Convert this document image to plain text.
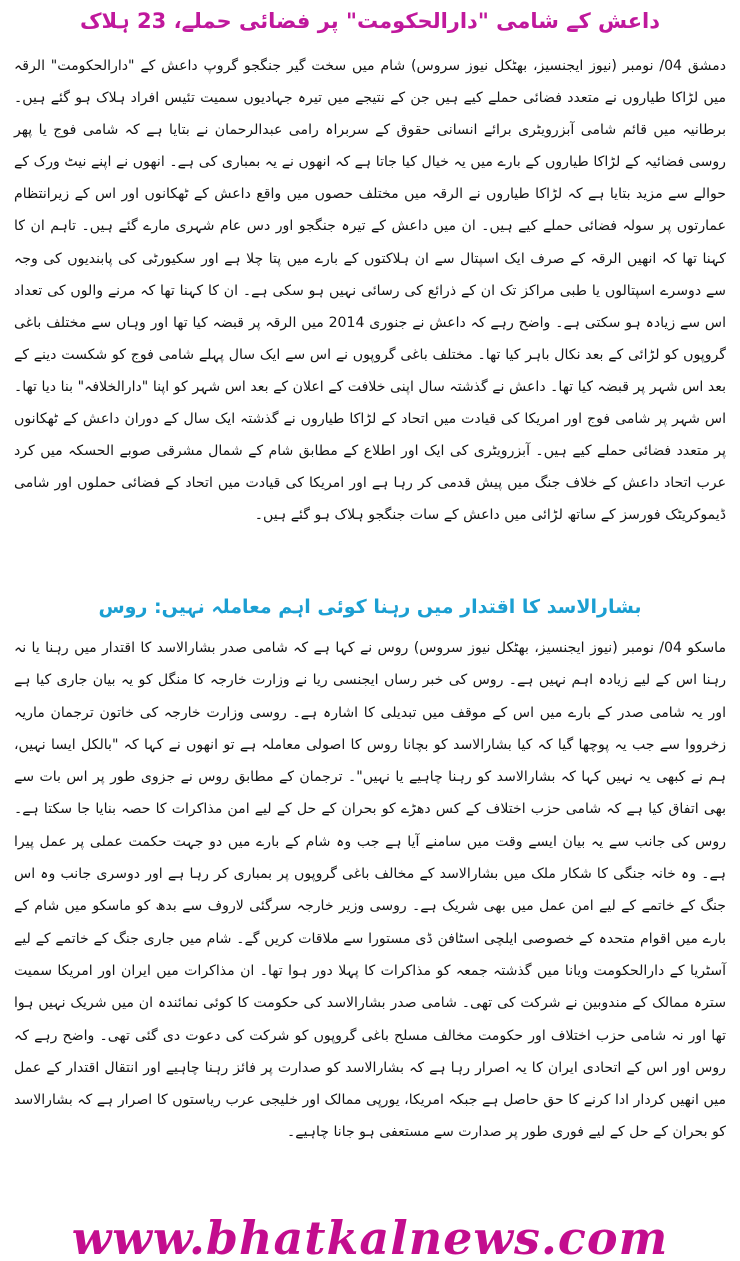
داعش کے شامی "دارالحکومت" پر فضائی حملے، 23 ہلاک

دمشق 04/ نومبر (نیوز ایجنسیز، بھٹکل نیوز سروس) شام میں سخت گیر جنگجو گروپ داعش کے "دارالحکومت" الرقہ میں لڑاکا طیاروں نے متعدد فضائی حملے کیے ہیں جن کے نتیجے میں تیرہ جہادیوں سمیت تئیس افراد ہلاک ہو گئے ہیں۔ برطانیہ میں قائم شامی آبزرویٹری برائے انسانی حقوق کے سربراہ رامی عبدالرحمان نے بتایا ہے کہ شامی فوج یا پھر روسی فضائیہ کے لڑاکا طیاروں کے بارے میں یہ خیال کیا جاتا ہے کہ انھوں نے یہ بمباری کی ہے۔ انھوں نے اپنے نیٹ ورک کے حوالے سے مزید بتایا ہے کہ لڑاکا طیاروں نے الرقہ میں مختلف حصوں میں واقع داعش کے ٹھکانوں اور اس کے زیرانتظام عمارتوں پر سولہ فضائی حملے کیے ہیں۔ ان میں داعش کے تیرہ جنگجو اور دس عام شہری مارے گئے ہیں۔ تاہم ان کا کہنا تھا کہ انھیں الرقہ کے صرف ایک اسپتال سے ان ہلاکتوں کے بارے میں پتا چلا ہے اور سکیورٹی کی پابندیوں کی وجہ سے دوسرے اسپتالوں یا طبی مراکز تک ان کے ذرائع کی رسائی نہیں ہو سکی ہے۔ ان کا کہنا تھا کہ مرنے والوں کی تعداد اس سے زیادہ ہو سکتی ہے۔ واضح رہے کہ داعش نے جنوری 2014 میں الرقہ پر قبضہ کیا تھا اور وہاں سے مختلف باغی گروپوں کو لڑائی کے بعد نکال باہر کیا تھا۔ مختلف باغی گروپوں نے اس سے ایک سال پہلے شامی فوج کو شکست دینے کے بعد اس شہر پر قبضہ کیا تھا۔ داعش نے گذشتہ سال اپنی خلافت کے اعلان کے بعد اس شہر کو اپنا "دارالخلافہ" بنا دیا تھا۔ اس شہر پر شامی فوج اور امریکا کی قیادت میں اتحاد کے لڑاکا طیاروں نے گذشتہ ایک سال کے دوران داعش کے ٹھکانوں پر متعدد فضائی حملے کیے ہیں۔ آبزرویٹری کی ایک اور اطلاع کے مطابق شام کے شمال مشرقی صوبے الحسکہ میں کرد عرب اتحاد داعش کے خلاف جنگ میں پیش قدمی کر رہا ہے اور امریکا کی قیادت میں اتحاد کے فضائی حملوں اور شامی ڈیموکریٹک فورسز کے ساتھ لڑائی میں داعش کے سات جنگجو ہلاک ہو گئے ہیں۔

بشارالاسد کا اقتدار میں رہنا کوئی اہم معاملہ نہیں: روس

ماسکو 04/ نومبر (نیوز ایجنسیز، بھٹکل نیوز سروس) روس نے کہا ہے کہ شامی صدر بشارالاسد کا اقتدار میں رہنا یا نہ رہنا اس کے لیے زیادہ اہم نہیں ہے۔ روس کی خبر رساں ایجنسی ریا نے وزارت خارجہ کا منگل کو یہ بیان جاری کیا ہے اور یہ شامی صدر کے بارے میں اس کے موقف میں تبدیلی کا اشارہ ہے۔ روسی وزارت خارجہ کی خاتون ترجمان ماریہ زخرووا سے جب یہ پوچھا گیا کہ کیا بشارالاسد کو بچانا روس کا اصولی معاملہ ہے تو انھوں نے کہا کہ "بالکل ایسا نہیں، ہم نے کبھی یہ نہیں کہا کہ بشارالاسد کو رہنا چاہیے یا نہیں"۔ ترجمان کے مطابق روس نے جزوی طور پر اس بات سے بھی اتفاق کیا ہے کہ شامی حزب اختلاف کے کس دھڑے کو بحران کے حل کے لیے امن مذاکرات کا حصہ بنایا جا سکتا ہے۔ روس کی جانب سے یہ بیان ایسے وقت میں سامنے آیا ہے جب وہ شام کے بارے میں دو جہت حکمت عملی پر عمل پیرا ہے۔ وہ خانہ جنگی کا شکار ملک میں بشارالاسد کے مخالف باغی گروپوں پر بمباری کر رہا ہے اور دوسری جانب وہ اس جنگ کے خاتمے کے لیے امن عمل میں بھی شریک ہے۔ روسی وزیر خارجہ سرگئی لاروف سے بدھ کو ماسکو میں شام کے بارے میں اقوام متحدہ کے خصوصی ایلچی اسٹافن ڈی مستورا سے ملاقات کریں گے۔ شام میں جاری جنگ کے خاتمے کے لیے آسٹریا کے دارالحکومت ویانا میں گذشتہ جمعہ کو مذاکرات کا پہلا دور ہوا تھا۔ ان مذاکرات میں ایران اور امریکا سمیت سترہ ممالک کے مندوبین نے شرکت کی تھی۔ شامی صدر بشارالاسد کی حکومت کا کوئی نمائندہ ان میں شریک نہیں ہوا تھا اور نہ شامی حزب اختلاف اور حکومت مخالف مسلح باغی گروپوں کو شرکت کی دعوت دی گئی تھی۔ واضح رہے کہ روس اور اس کے اتحادی ایران کا یہ اصرار رہا ہے کہ بشارالاسد کو صدارت پر فائز رہنا چاہیے اور انتقال اقتدار کے عمل میں انھیں کردار ادا کرنے کا حق حاصل ہے جبکہ امریکا، یورپی ممالک اور خلیجی عرب ریاستوں کا اصرار ہے کہ بشارالاسد کو بحران کے حل کے لیے فوری طور پر صدارت سے مستعفی ہو جانا چاہیے۔

www.bhatkalnews.com
